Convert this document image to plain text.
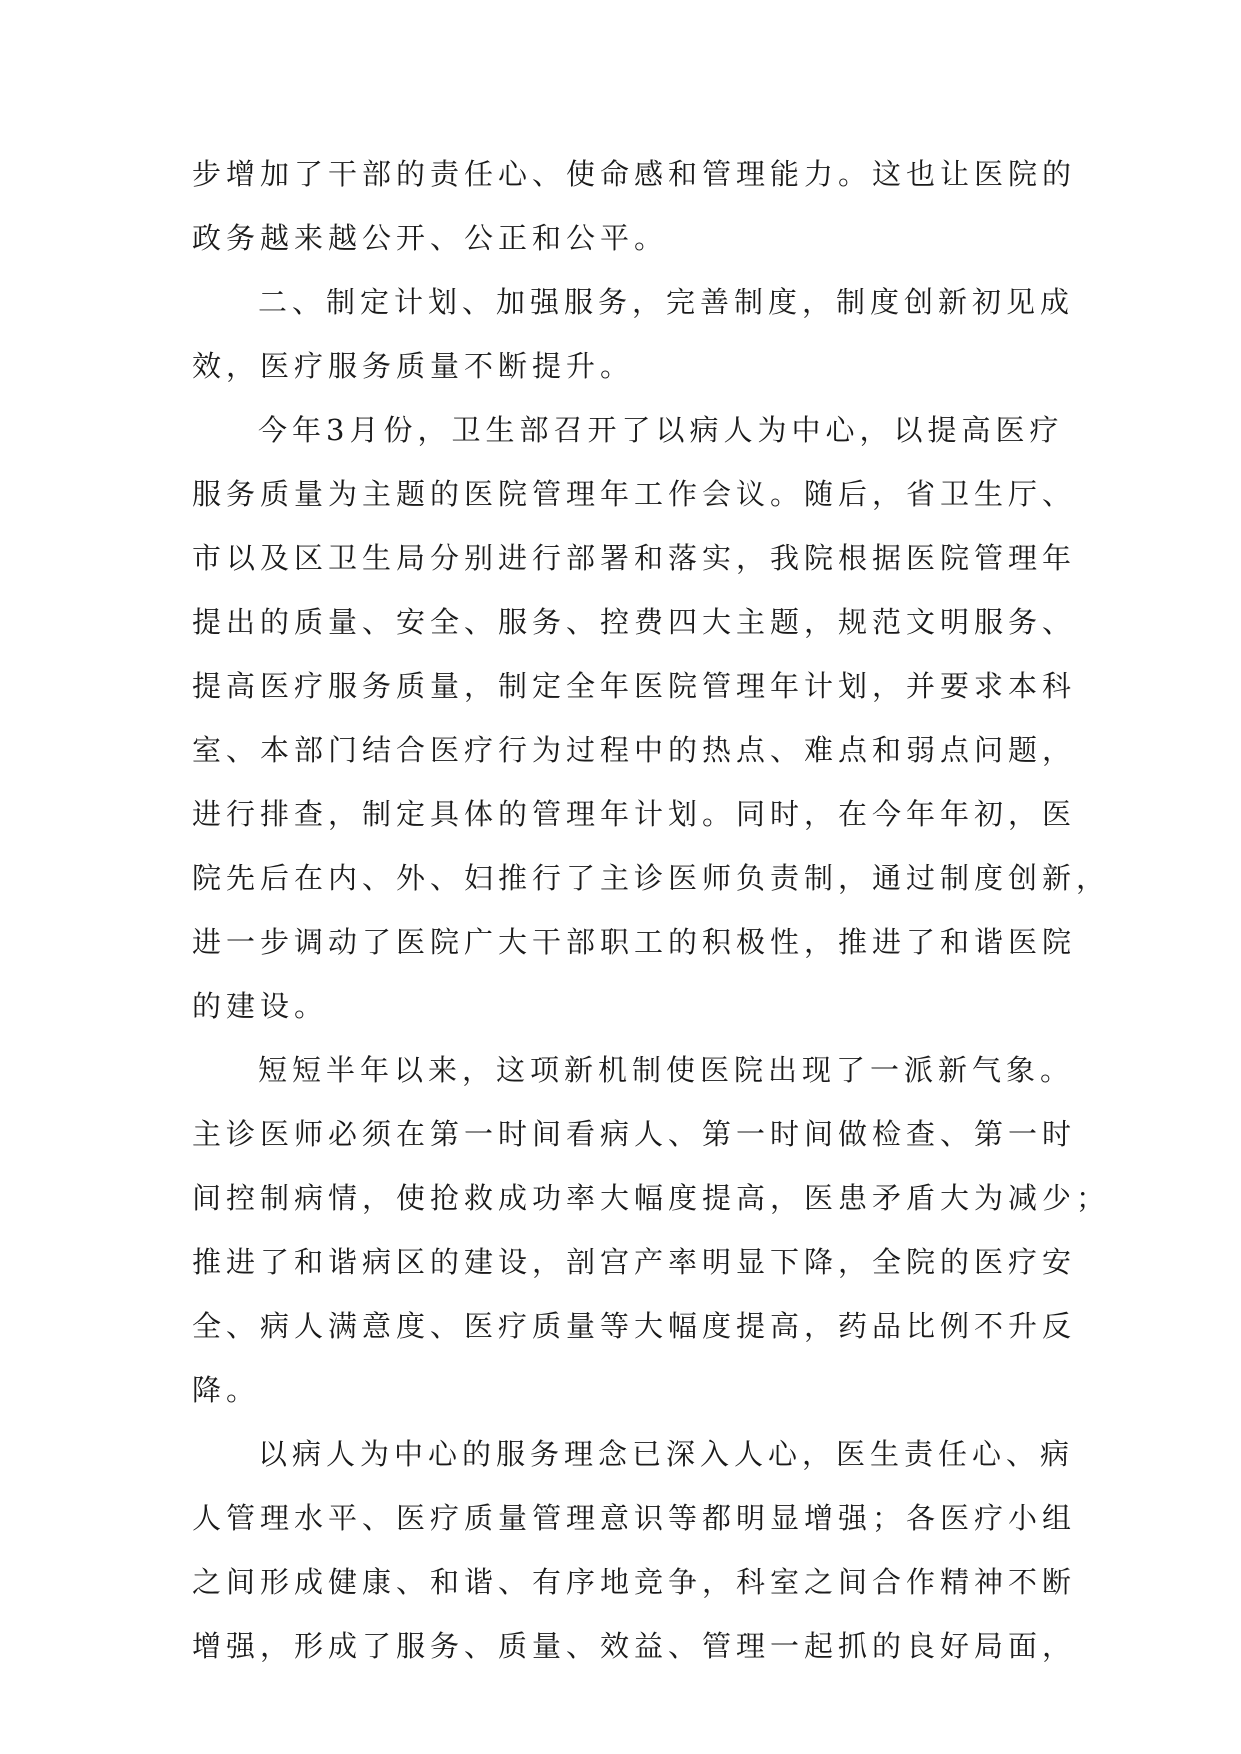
步增加了干部的责任心、使命感和管理能力。这也让医院的
政务越来越公开、公正和公平。
二、制定计划、加强服务，完善制度，制度创新初见成
效，医疗服务质量不断提升。
今年3月份，卫生部召开了以病人为中心，以提高医疗
服务质量为主题的医院管理年工作会议。随后，省卫生厅、
市以及区卫生局分别进行部署和落实，我院根据医院管理年
提出的质量、安全、服务、控费四大主题，规范文明服务、
提高医疗服务质量，制定全年医院管理年计划，并要求本科
室、本部门结合医疗行为过程中的热点、难点和弱点问题，
进行排查，制定具体的管理年计划。同时，在今年年初，医
院先后在内、外、妇推行了主诊医师负责制，通过制度创新，
进一步调动了医院广大干部职工的积极性，推进了和谐医院
的建设。
短短半年以来，这项新机制使医院出现了一派新气象。
主诊医师必须在第一时间看病人、第一时间做检查、第一时
间控制病情，使抢救成功率大幅度提高，医患矛盾大为减少；
推进了和谐病区的建设，剖宫产率明显下降，全院的医疗安
全、病人满意度、医疗质量等大幅度提高，药品比例不升反
降。
以病人为中心的服务理念已深入人心，医生责任心、病
人管理水平、医疗质量管理意识等都明显增强；各医疗小组
之间形成健康、和谐、有序地竞争，科室之间合作精神不断
增强，形成了服务、质量、效益、管理一起抓的良好局面，
